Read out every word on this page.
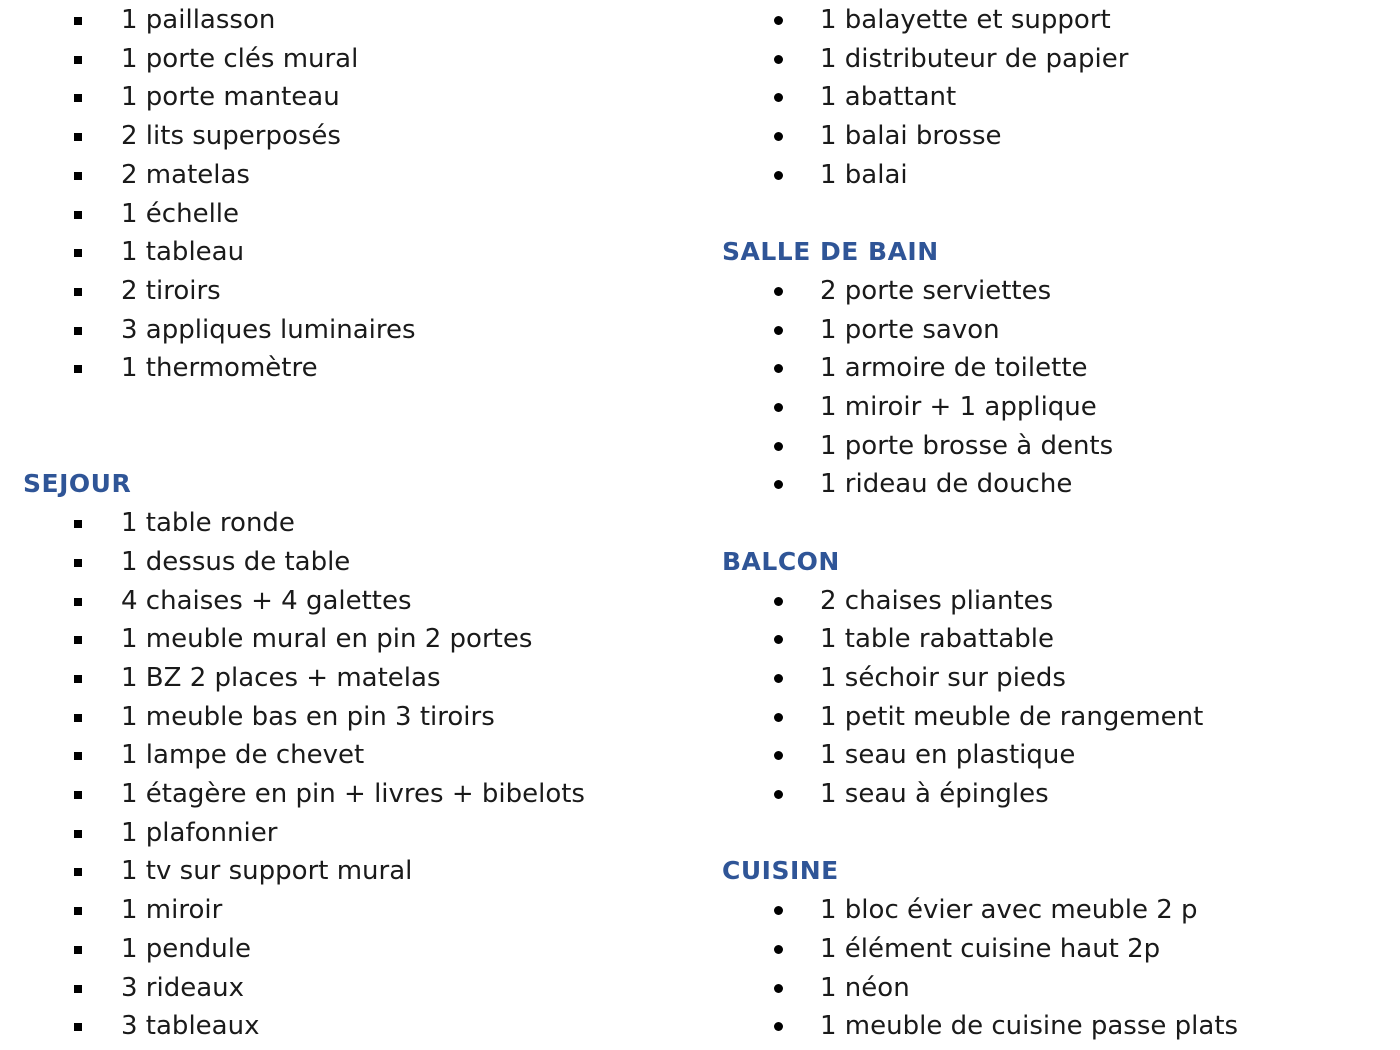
1 paillasson
1 porte clés mural
1 porte manteau
2 lits superposés
2 matelas
1 échelle
1 tableau
2 tiroirs
3 appliques luminaires
1 thermomètre
SEJOUR
1 table ronde
1 dessus de table
4 chaises + 4 galettes
1 meuble mural en pin 2 portes
1 BZ 2 places + matelas
1 meuble bas en pin 3 tiroirs
1 lampe de chevet
1 étagère en pin + livres + bibelots
1 plafonnier
1 tv sur support mural
1 miroir
1 pendule
3 rideaux
3 tableaux
1 balayette et support
1 distributeur de papier
1 abattant
1 balai brosse
1 balai
SALLE DE BAIN
2 porte serviettes
1 porte savon
1 armoire de toilette
1 miroir + 1 applique
1 porte brosse à dents
1 rideau de douche
BALCON
2 chaises pliantes
1 table rabattable
1 séchoir sur pieds
1 petit meuble de rangement
1 seau en plastique
1 seau à épingles
CUISINE
1 bloc évier avec meuble 2 p
1 élément cuisine haut 2p
1 néon
1 meuble de cuisine passe plats
